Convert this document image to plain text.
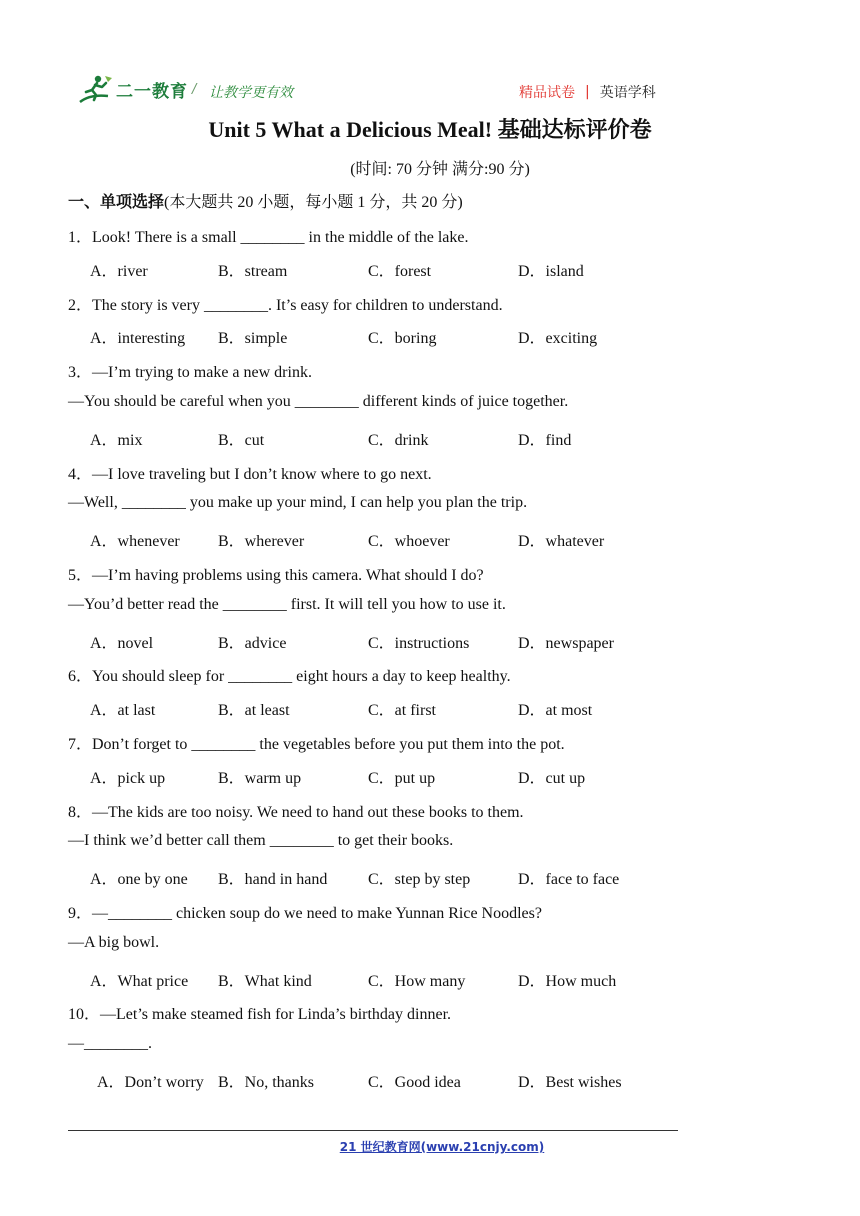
二一教育 / 让教学更有效	精品试卷 | 英语学科
Unit 5 What a Delicious Meal! 基础达标评价卷
(时间: 70 分钟 满分:90 分)
一、单项选择(本大题共 20 小题，每小题 1 分，共 20 分)
1．Look! There is a small ________ in the middle of the lake.
A．river	B．stream	C．forest	D．island
2．The story is very ________. It’s easy for children to understand.
A．interesting B．simple	C．boring	D．exciting
3．—I’m trying to make a new drink.
—You should be careful when you ________ different kinds of juice together.
A．mix	B．cut	C．drink	D．find
4．—I love traveling but I don’t know where to go next.
—Well, ________ you make up your mind, I can help you plan the trip.
A．whenever B．wherever	C．whoever	D．whatever
5．—I’m having problems using this camera. What should I do?
—You’d better read the ________ first. It will tell you how to use it.
A．novel	B．advice	C．instructions	D．newspaper
6．You should sleep for ________ eight hours a day to keep healthy.
A．at last	B．at least	C．at first	D．at most
7．Don’t forget to ________ the vegetables before you put them into the pot.
A．pick up	B．warm up	C．put up	D．cut up
8．—The kids are too noisy. We need to hand out these books to them.
—I think we’d better call them ________ to get their books.
A．one by one B．hand in hand	C．step by step	D．face to face
9．—________ chicken soup do we need to make Yunnan Rice Noodles?
—A big bowl.
A．What price B．What kind	C．How many	D．How much
10．—Let’s make steamed fish for Linda’s birthday dinner.
—________.
A．Don’t worry B．No, thanks	C．Good idea	D．Best wishes
21 世纪教育网(www.21cnjy.com)
